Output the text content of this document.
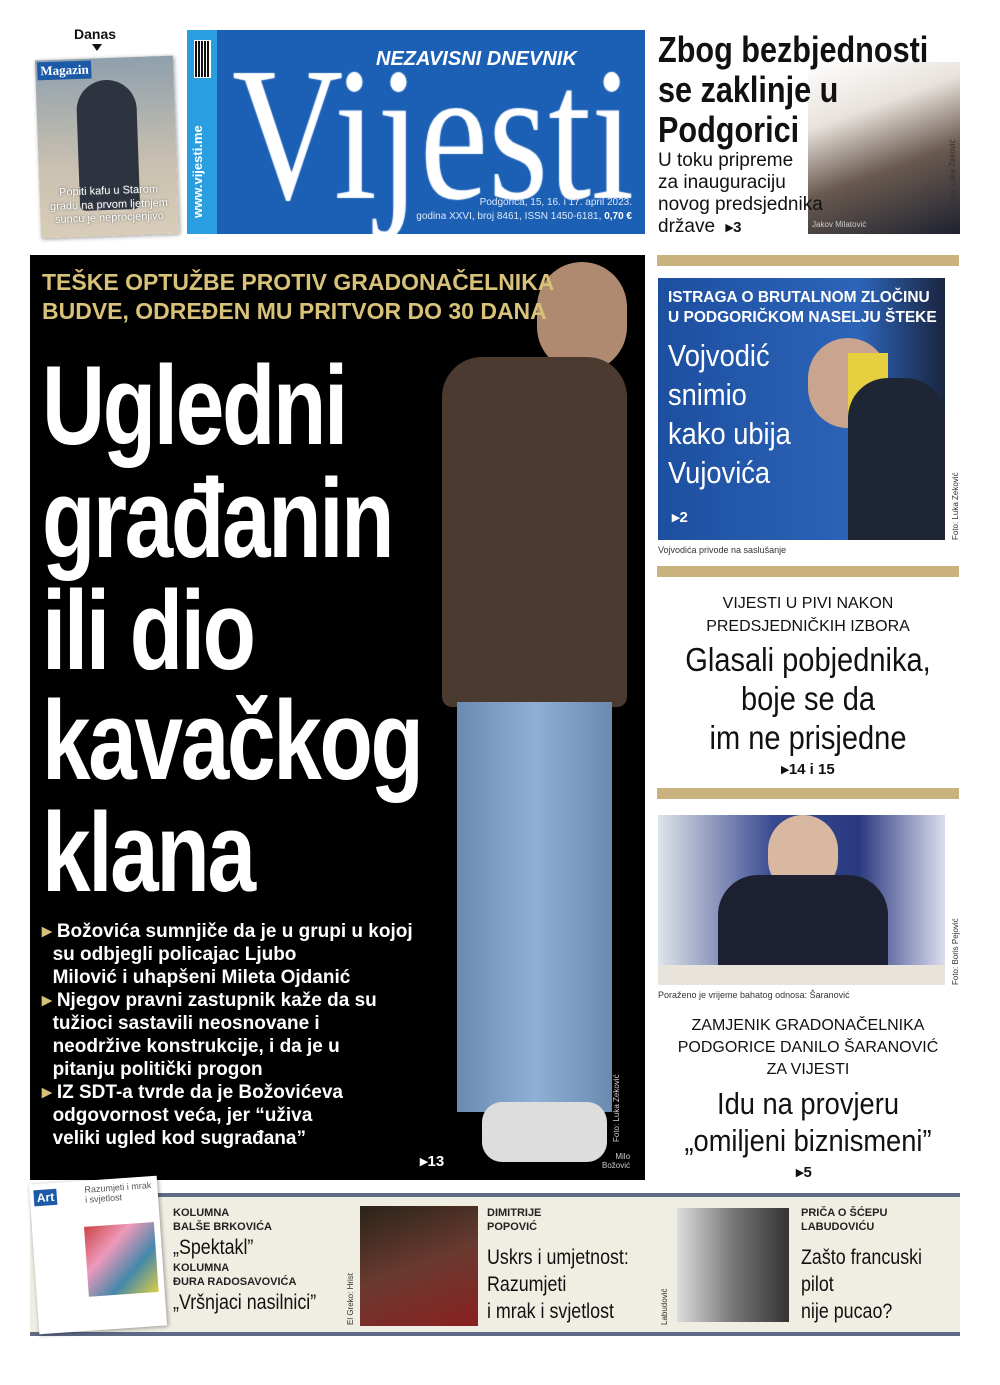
Danas
Magazin
Popiti kafu u Starom gradu na prvom ljetnjem suncu je neprocjenjivo
www.vijesti.me
NEZAVISNI DNEVNIK
Podgorica, 15, 16. i 17. april 2023.
godina XXVI, broj 8461, ISSN 1450-6181, 0,70 €
Foto: Luka Zeković
Jakov Milatović
Zbog bezbjednosti
se zaklinje u
Podgorici
U toku pripreme
za inauguraciju
novog predsjednika
države ▸3
Foto: Luka Zeković
Milo
Božović
TEŠKE OPTUŽBE PROTIV GRADONAČELNIKA
BUDVE, ODREĐEN MU PRITVOR DO 30 DANA
Ugledni
građanin
ili dio
kavačkog
klana
▸ Božovića sumnjiče da je u grupi u kojoj
su odbjegli policajac Ljubo
Milović i uhapšeni Mileta Ojdanić
▸ Njegov pravni zastupnik kaže da su
tužioci sastavili neosnovane i
neodržive konstrukcije, i da je u
pitanju politički progon
▸ IZ SDT-a tvrde da je Božovićeva
odgovornost veća, jer “uživa
veliki ugled kod sugrađana”
▸13
ISTRAGA O BRUTALNOM ZLOČINU
U PODGORIČKOM NASELJU ŠTEKE
Vojvodić
snimio
kako ubija
Vujovića
▸2	Foto: Luka Zeković
Vojvodića privode na saslušanje
VIJESTI U PIVI NAKON
PREDSJEDNIČKIH IZBORA
Glasali pobjednika,
boje se da
im ne prisjedne
▸14 i 15
Foto: Boris Pejović
Poraženo je vrijeme bahatog odnosa: Šaranović
ZAMJENIK GRADONAČELNIKA
PODGORICE DANILO ŠARANOVIĆ
ZA VIJESTI
Idu na provjeru
„omiljeni biznismeni”
▸5
Art
Razumjeti i mrak i svjetlost
KOLUMNA
BALŠE BRKOVIĆA
„Spektakl”
KOLUMNA
ĐURA RADOSAVOVIĆA
„Vršnjaci nasilnici”	El Greko: Hrist
DIMITRIJE
POPOVIĆ
Uskrs i umjetnost:
Razumjeti
i mrak i svjetlost	Labudović
PRIČA O ŠĆEPU
LABUDOVIĆU
Zašto francuski
pilot
nije pucao?
